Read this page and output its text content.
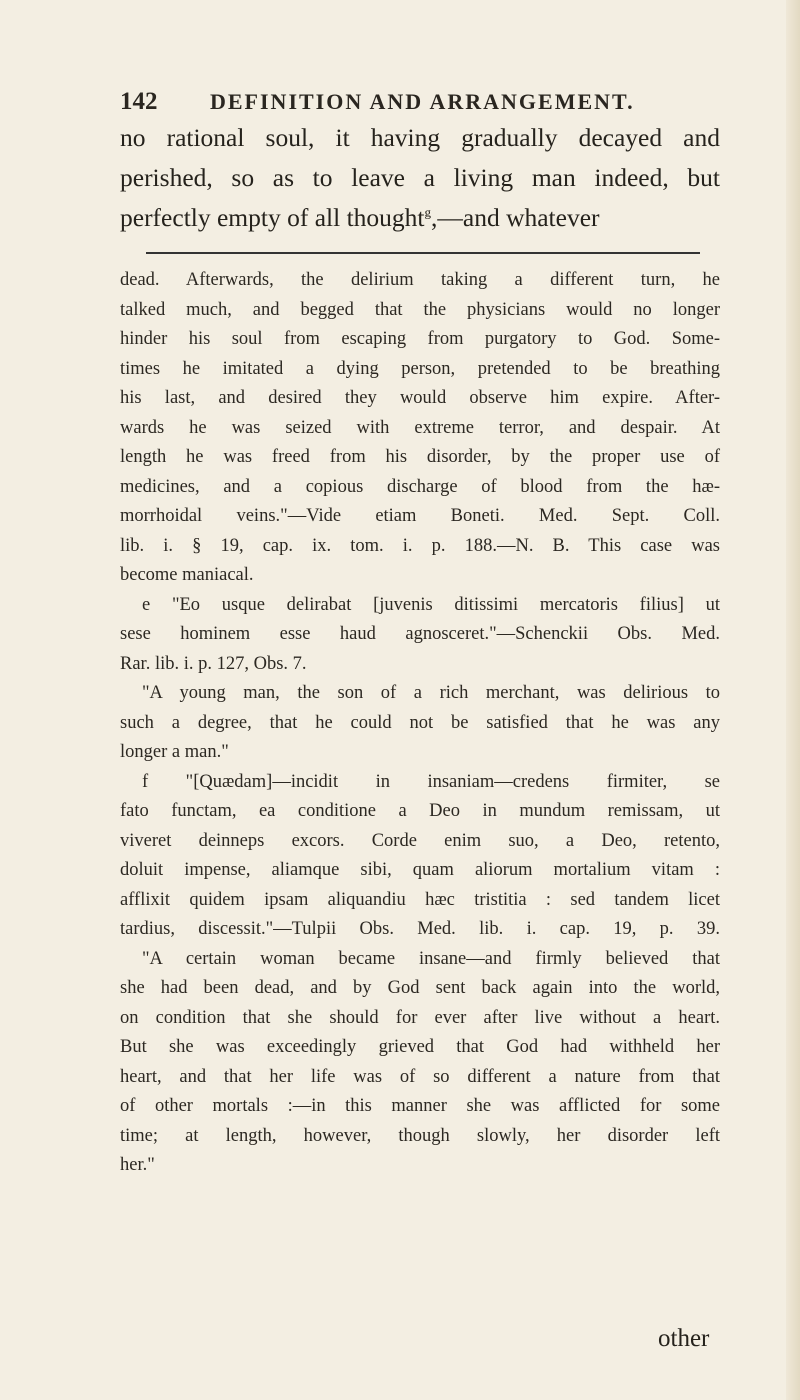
142	DEFINITION AND ARRANGEMENT.
no rational soul, it having gradually decayed and
perished, so as to leave a living man indeed, but
perfectly empty of all thought$^g$,—and whatever
dead. Afterwards, the delirium taking a different turn, he
talked much, and begged that the physicians would no longer
hinder his soul from escaping from purgatory to God. Some-
times he imitated a dying person, pretended to be breathing
his last, and desired they would observe him expire. After-
wards he was seized with extreme terror, and despair. At
length he was freed from his disorder, by the proper use of
medicines, and a copious discharge of blood from the hæ-
morrhoidal veins."—Vide etiam Boneti. Med. Sept. Coll.
lib. i. § 19, cap. ix. tom. i. p. 188.—N. B. This case was
become maniacal.
e "Eo usque delirabat [juvenis ditissimi mercatoris filius] ut
sese hominem esse haud agnosceret."—Schenckii Obs. Med.
Rar. lib. i. p. 127, Obs. 7.
"A young man, the son of a rich merchant, was delirious to
such a degree, that he could not be satisfied that he was any
longer a man."
f "[Quædam]—incidit in insaniam—credens firmiter, se
fato functam, ea conditione a Deo in mundum remissam, ut
viveret deinneps excors. Corde enim suo, a Deo, retento,
doluit impense, aliamque sibi, quam aliorum mortalium vitam :
afflixit quidem ipsam aliquandiu hæc tristitia : sed tandem licet
tardius, discessit."—Tulpii Obs. Med. lib. i. cap. 19, p. 39.
"A certain woman became insane—and firmly believed that
she had been dead, and by God sent back again into the world,
on condition that she should for ever after live without a heart.
But she was exceedingly grieved that God had withheld her
heart, and that her life was of so different a nature from that
of other mortals :—in this manner she was afflicted for some
time; at length, however, though slowly, her disorder left
her."
other
